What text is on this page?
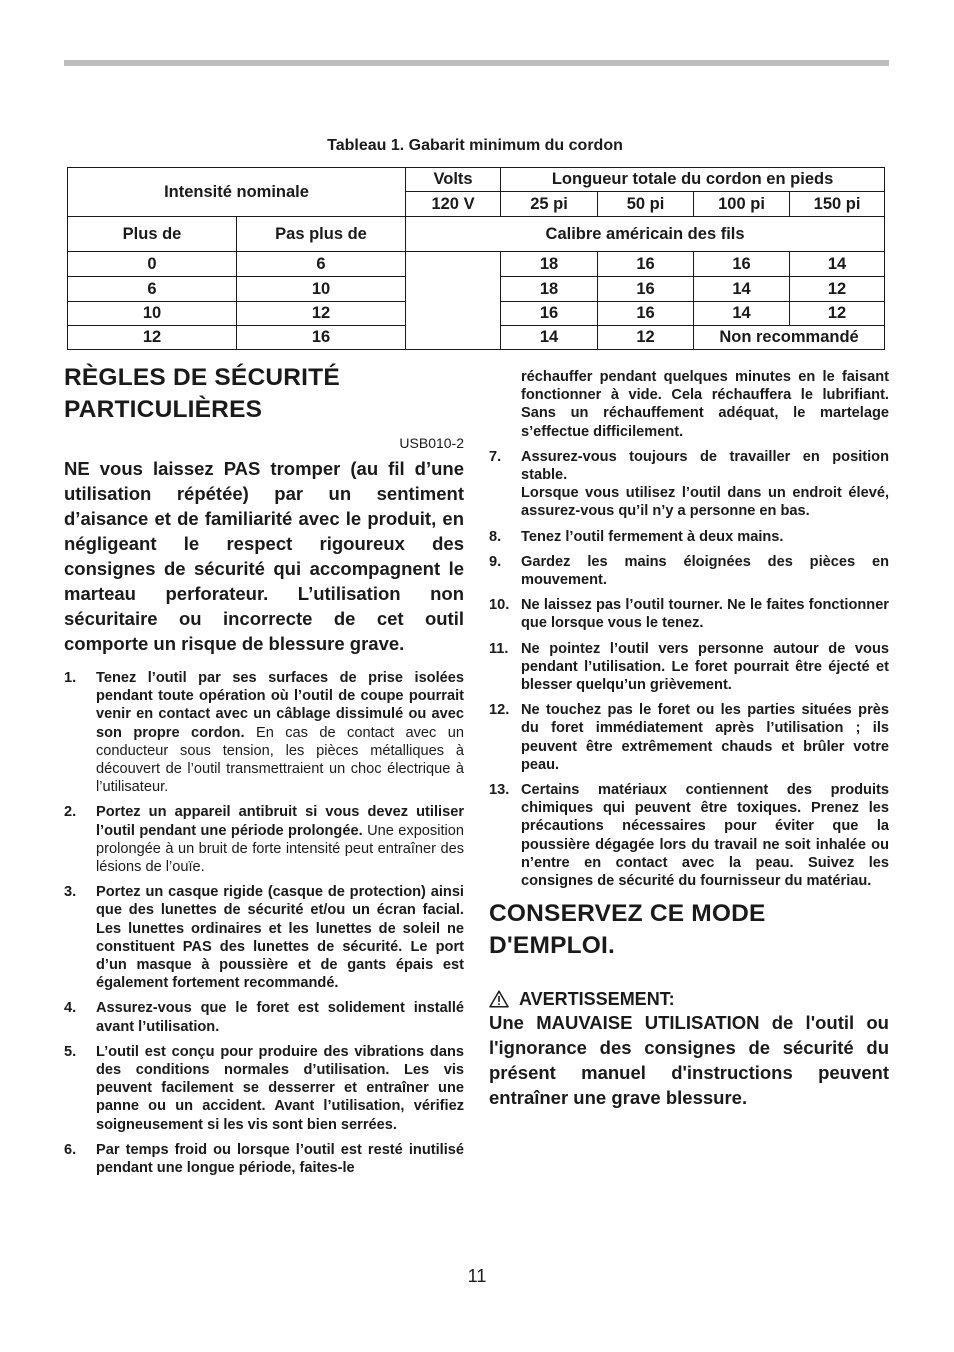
Tableau 1. Gabarit minimum du cordon
Intensité nominale		Volts	Longueur totale du cordon en pieds			
		120 V	25 pi	50 pi	100 pi	150 pi
Plus de	Pas plus de	Calibre américain des fils				
0	6		18	16	16	14
6	10		18	16	14	12
10	12		16	16	14	12
12	16		14	12	Non recommandé	
RÈGLES DE SÉCURITÉ
PARTICULIÈRES
USB010-2

NE vous laissez PAS tromper (au fil d’une utilisation répétée) par un sentiment d’aisance et de familiarité avec le produit, en négligeant le respect rigoureux des consignes de sécurité qui accompagnent le marteau perforateur. L’utilisation non sécuritaire ou incorrecte de cet outil comporte un risque de blessure grave.

1. Tenez l’outil par ses surfaces de prise isolées pendant toute opération où l’outil de coupe pourrait venir en contact avec un câblage dissimulé ou avec son propre cordon. En cas de contact avec un conducteur sous tension, les pièces métalliques à découvert de l’outil transmettraient un choc électrique à l’utilisateur.
2. Portez un appareil antibruit si vous devez utiliser l’outil pendant une période prolongée. Une exposition prolongée à un bruit de forte intensité peut entraîner des lésions de l’ouïe.
3. Portez un casque rigide (casque de protection) ainsi que des lunettes de sécurité et/ou un écran facial. Les lunettes ordinaires et les lunettes de soleil ne constituent PAS des lunettes de sécurité. Le port d’un masque à poussière et de gants épais est également fortement recommandé.
4. Assurez-vous que le foret est solidement installé avant l’utilisation.
5. L’outil est conçu pour produire des vibrations dans des conditions normales d’utilisation. Les vis peuvent facilement se desserrer et entraîner une panne ou un accident. Avant l’utilisation, vérifiez soigneusement si les vis sont bien serrées.
6. Par temps froid ou lorsque l’outil est resté inutilisé pendant une longue période, faites-le

réchauffer pendant quelques minutes en le faisant fonctionner à vide. Cela réchauffera le lubrifiant. Sans un réchauffement adéquat, le martelage s’effectue difficilement.

7. Assurez-vous toujours de travailler en position stable.
Lorsque vous utilisez l’outil dans un endroit élevé, assurez-vous qu’il n’y a personne en bas.
8. Tenez l’outil fermement à deux mains.
9. Gardez les mains éloignées des pièces en mouvement.
10. Ne laissez pas l’outil tourner. Ne le faites fonctionner que lorsque vous le tenez.
11. Ne pointez l’outil vers personne autour de vous pendant l’utilisation. Le foret pourrait être éjecté et blesser quelqu’un grièvement.
12. Ne touchez pas le foret ou les parties situées près du foret immédiatement après l’utilisation ; ils peuvent être extrêmement chauds et brûler votre peau.
13. Certains matériaux contiennent des produits chimiques qui peuvent être toxiques. Prenez les précautions nécessaires pour éviter que la poussière dégagée lors du travail ne soit inhalée ou n’entre en contact avec la peau. Suivez les consignes de sécurité du fournisseur du matériau.
CONSERVEZ CE MODE
D'EMPLOI.
AVERTISSEMENT:

Une MAUVAISE UTILISATION de l'outil ou l'ignorance des consignes de sécurité du présent manuel d'instructions peuvent entraîner une grave blessure.

11
